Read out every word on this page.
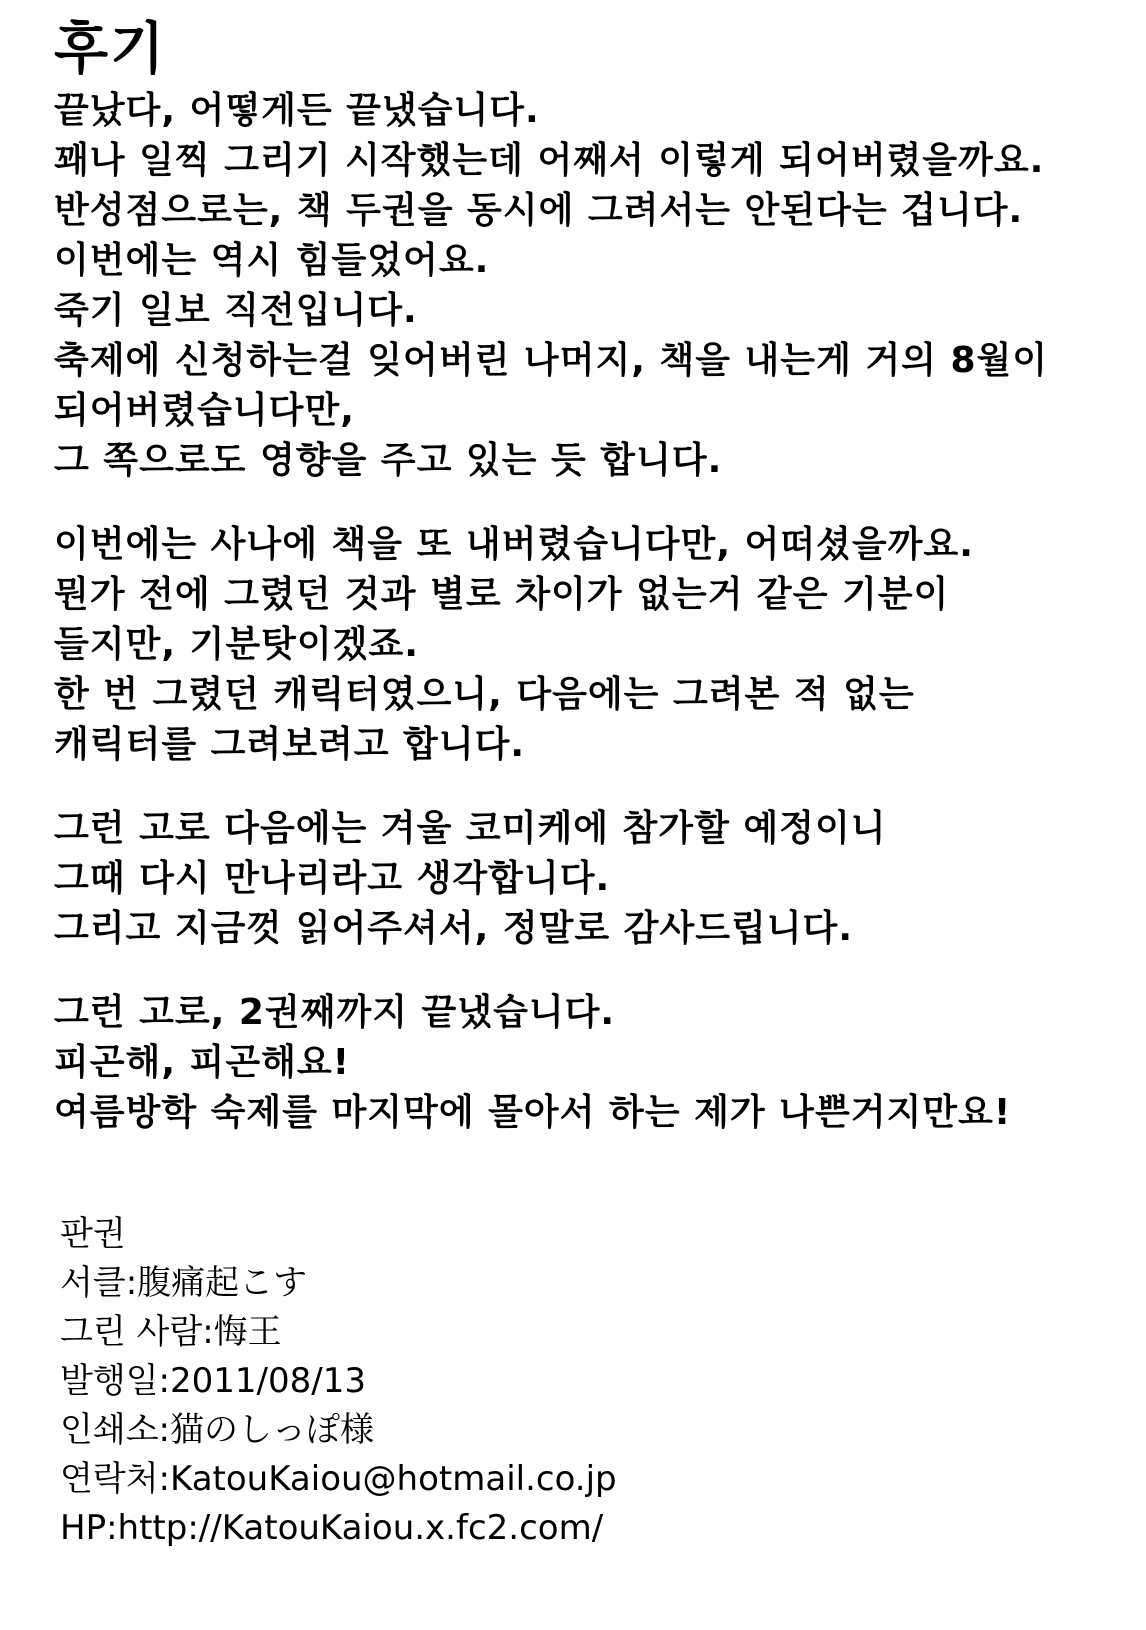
후기
끝났다, 어떻게든 끝냈습니다.
꽤나 일찍 그리기 시작했는데 어째서 이렇게 되어버렸을까요.
반성점으로는, 책 두권을 동시에 그려서는 안된다는 겁니다.
이번에는 역시 힘들었어요.
죽기 일보 직전입니다.
축제에 신청하는걸 잊어버린 나머지, 책을 내는게 거의 8월이
되어버렸습니다만,
그 쪽으로도 영향을 주고 있는 듯 합니다.
이번에는 사나에 책을 또 내버렸습니다만, 어떠셨을까요.
뭔가 전에 그렸던 것과 별로 차이가 없는거 같은 기분이
들지만, 기분탓이겠죠.
한 번 그렸던 캐릭터였으니, 다음에는 그려본 적 없는
캐릭터를 그려보려고 합니다.
그런 고로 다음에는 겨울 코미케에 참가할 예정이니
그때 다시 만나리라고 생각합니다.
그리고 지금껏 읽어주셔서, 정말로 감사드립니다.
그런 고로, 2권째까지 끝냈습니다.
피곤해, 피곤해요!
여름방학 숙제를 마지막에 몰아서 하는 제가 나쁜거지만요!
판권
서클:腹痛起こす
그린 사람:悔王
발행일:2011/08/13
인쇄소:猫のしっぽ様
연락처:KatouKaiou@hotmail.co.jp
HP:http://KatouKaiou.x.fc2.com/
